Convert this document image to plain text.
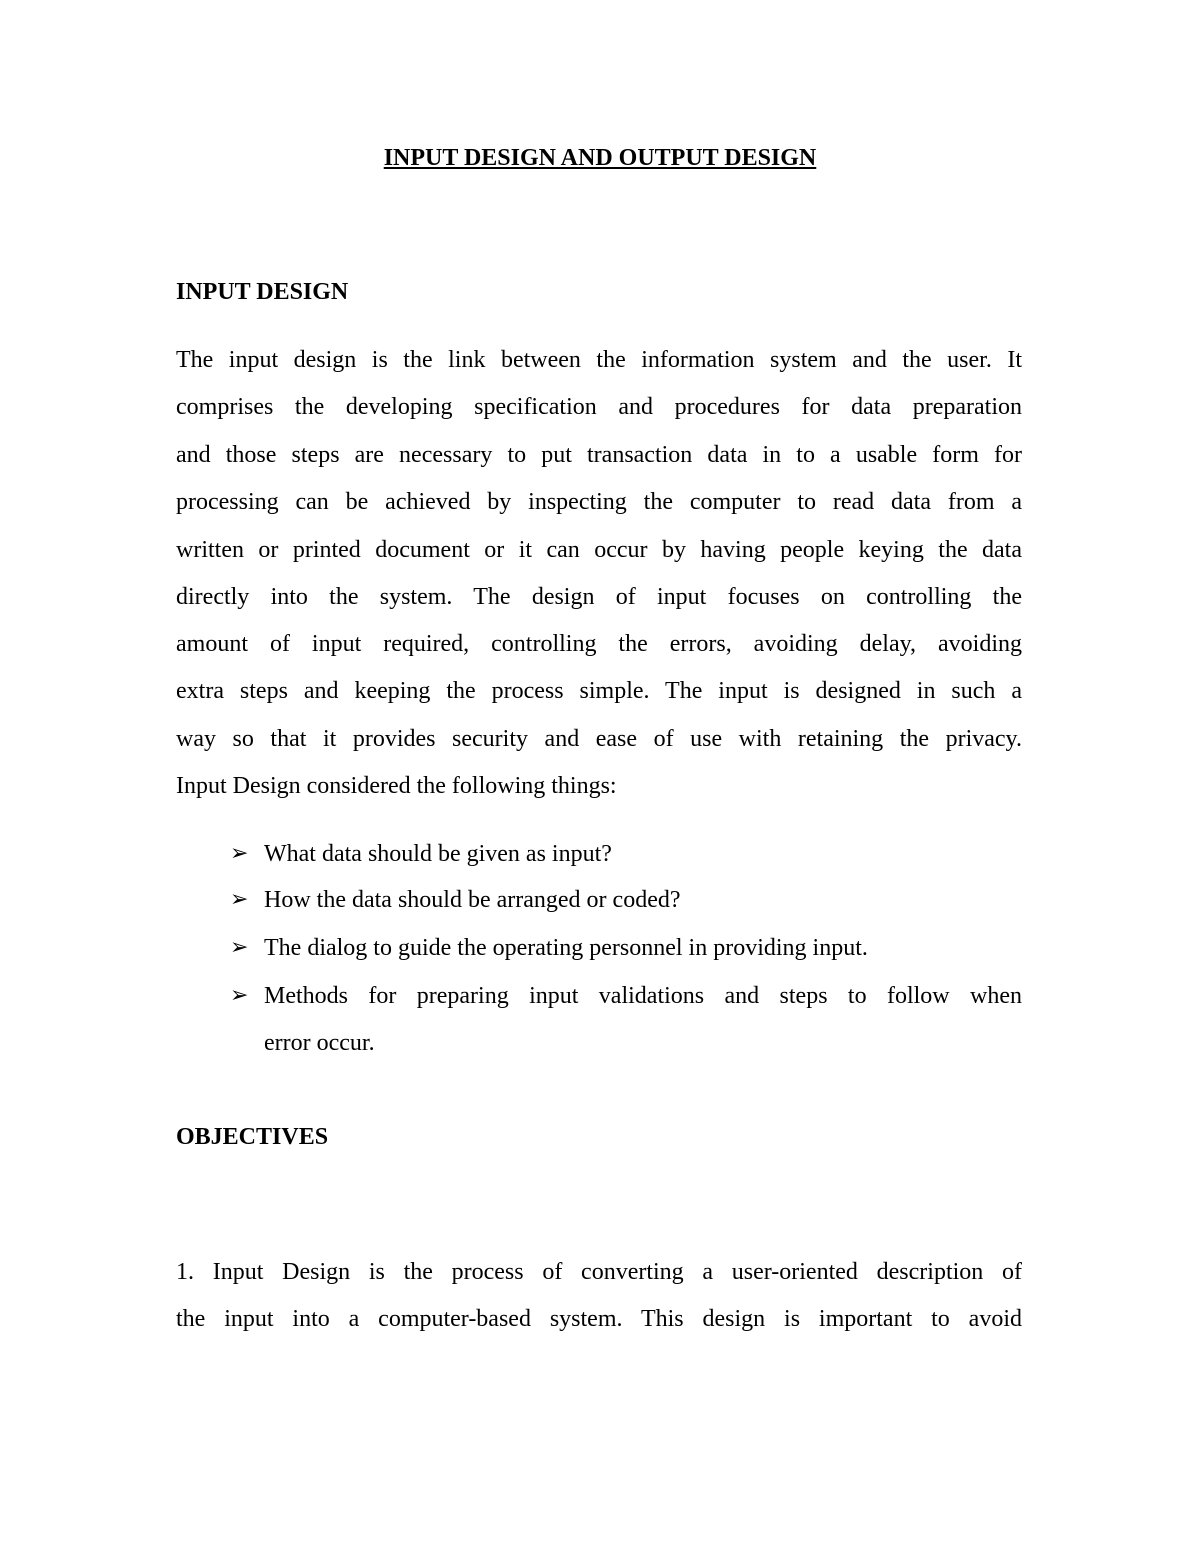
INPUT DESIGN AND OUTPUT DESIGN
INPUT DESIGN

The input design is the link between the information system and the user. It

comprises the developing specification and procedures for data preparation

and those steps are necessary to put transaction data in to a usable form for

processing can be achieved by inspecting the computer to read data from a

written or printed document or it can occur by having people keying the data

directly into the system. The design of input focuses on controlling the

amount of input required, controlling the errors, avoiding delay, avoiding

extra steps and keeping the process simple. The input is designed in such a

way so that it provides security and ease of use with retaining the privacy.

Input Design considered the following things:

➢ What data should be given as input?

➢ How the data should be arranged or coded?

➢ The dialog to guide the operating personnel in providing input.

➢ Methods for preparing input validations and steps to follow when

error occur.

OBJECTIVES

1. Input Design is the process of converting a user-oriented description of

the input into a computer-based system. This design is important to avoid
